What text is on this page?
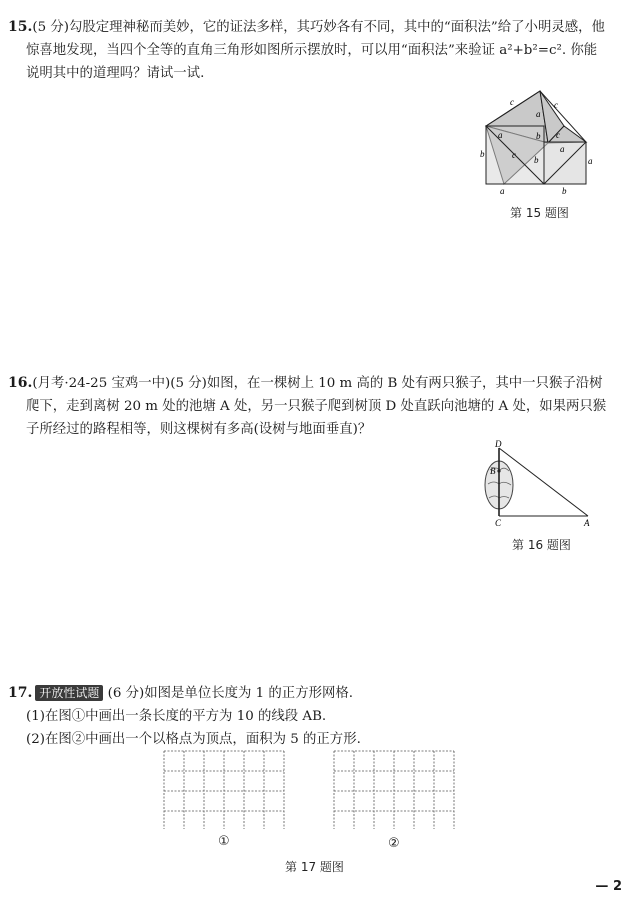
15.(5 分)勾股定理神秘而美妙，它的证法多样，其巧妙各有不同，其中的“面积法”给了小明灵感，他
惊喜地发现，当四个全等的直角三角形如图所示摆放时，可以用“面积法”来验证 a²+b²=c². 你能
说明其中的道理吗？请试一试.
c
a
c
a
b	c
b c
a
b	a
a	b
第 15 题图
16.(月考·24-25 宝鸡一中)(5 分)如图，在一棵树上 10 m 高的 B 处有两只猴子，其中一只猴子沿树
爬下，走到离树 20 m 处的池塘 A 处，另一只猴子爬到树顶 D 处直跃向池塘的 A 处，如果两只猴
子所经过的路程相等，则这棵树有多高(设树与地面垂直)？
D
B
C	A
第 16 题图
17. 开放性试题 (6 分)如图是单位长度为 1 的正方形网格.
(1)在图①中画出一条长度的平方为 10 的线段 AB.
(2)在图②中画出一个以格点为顶点，面积为 5 的正方形.
①	②
第 17 题图
— 2
